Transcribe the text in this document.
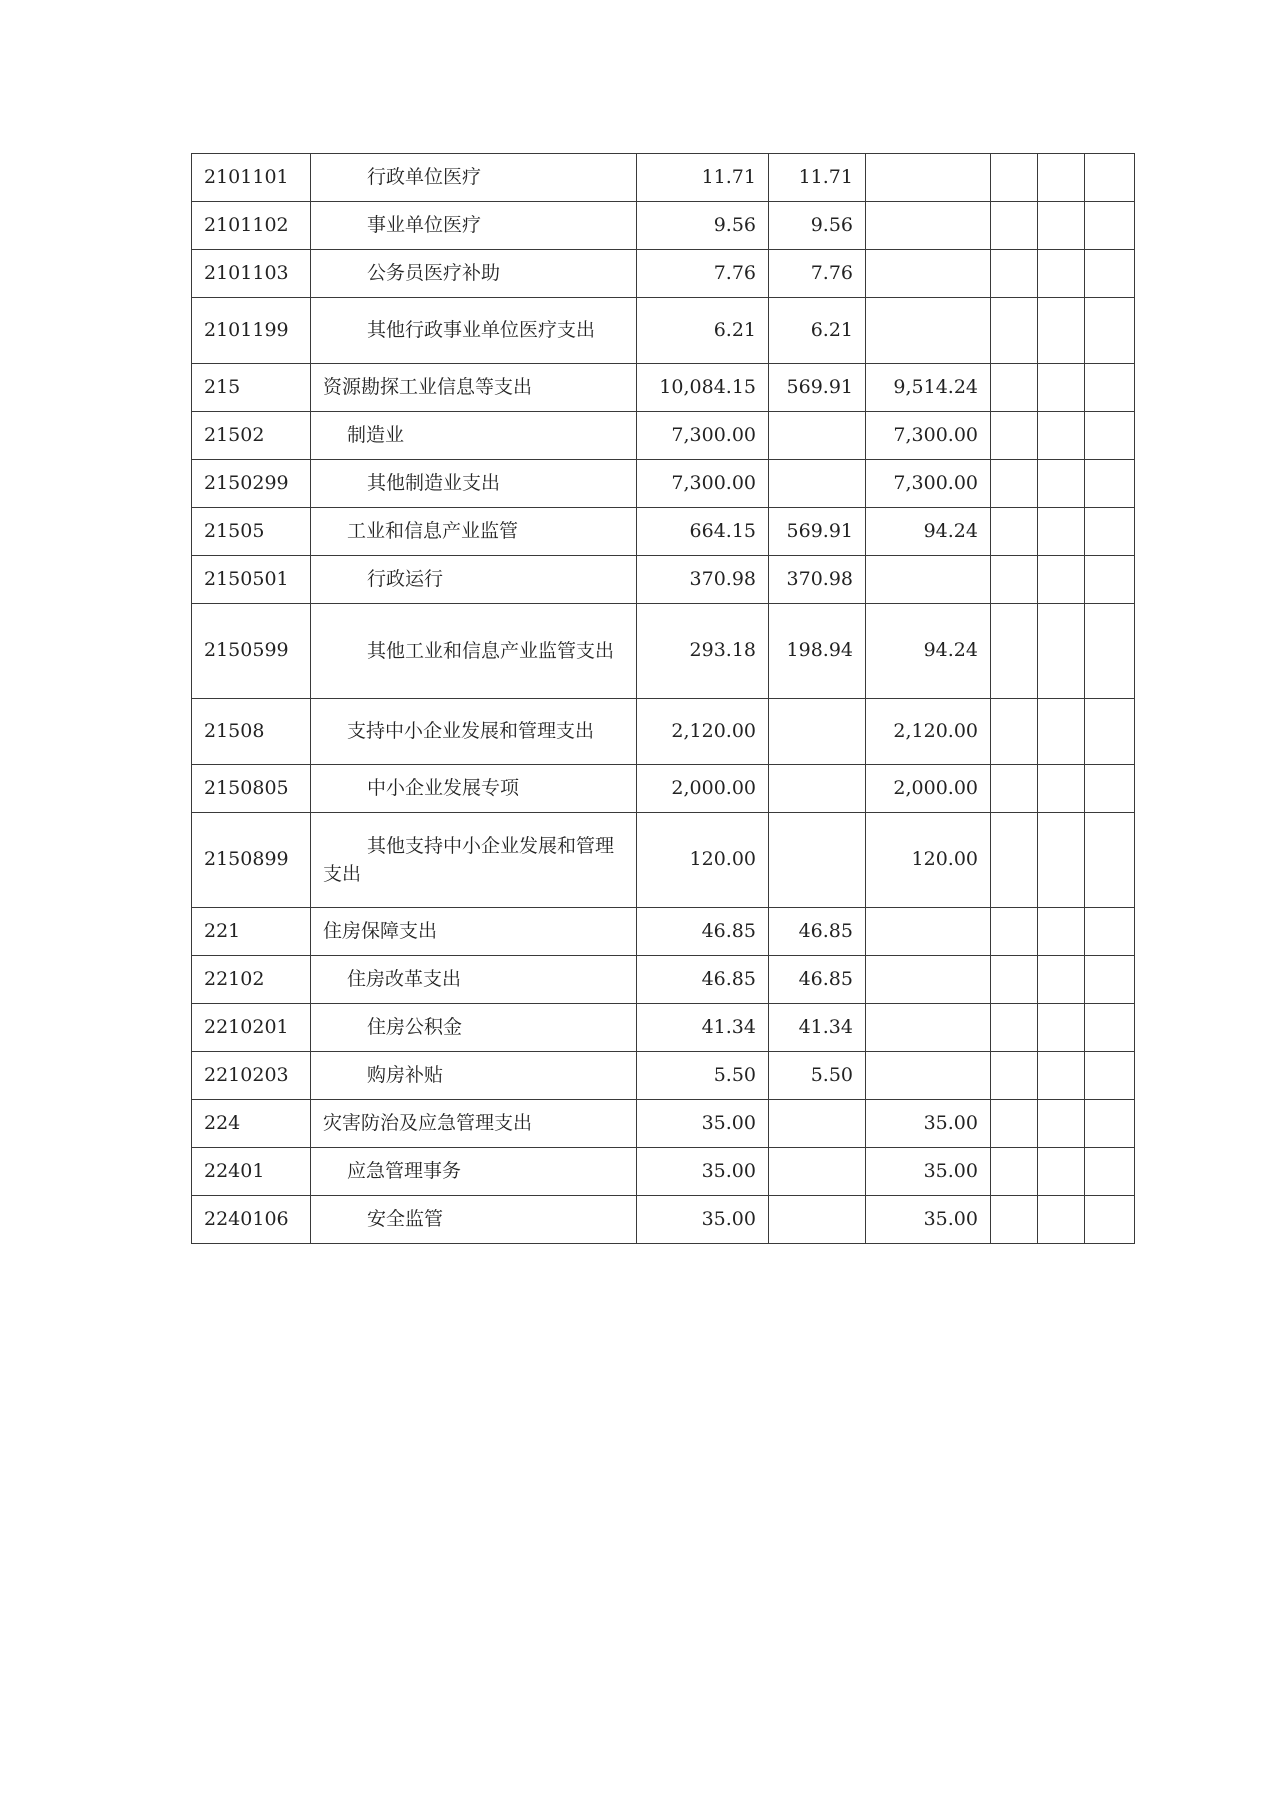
2101101	行政单位医疗	11.71	11.71				
2101102	事业单位医疗	9.56	9.56				
2101103	公务员医疗补助	7.76	7.76				
2101199	其他行政事业单位医疗支出	6.21	6.21				
215	资源勘探工业信息等支出	10,084.15	569.91	9,514.24			
21502	制造业	7,300.00		7,300.00			
2150299	其他制造业支出	7,300.00		7,300.00			
21505	工业和信息产业监管	664.15	569.91	94.24			
2150501	行政运行	370.98	370.98				
2150599	其他工业和信息产业监管支出	293.18	198.94	94.24			
21508	支持中小企业发展和管理支出	2,120.00		2,120.00			
2150805	中小企业发展专项	2,000.00		2,000.00			
2150899	其他支持中小企业发展和管理支出	120.00		120.00			
221	住房保障支出	46.85	46.85				
22102	住房改革支出	46.85	46.85				
2210201	住房公积金	41.34	41.34				
2210203	购房补贴	5.50	5.50				
224	灾害防治及应急管理支出	35.00		35.00			
22401	应急管理事务	35.00		35.00			
2240106	安全监管	35.00		35.00			
